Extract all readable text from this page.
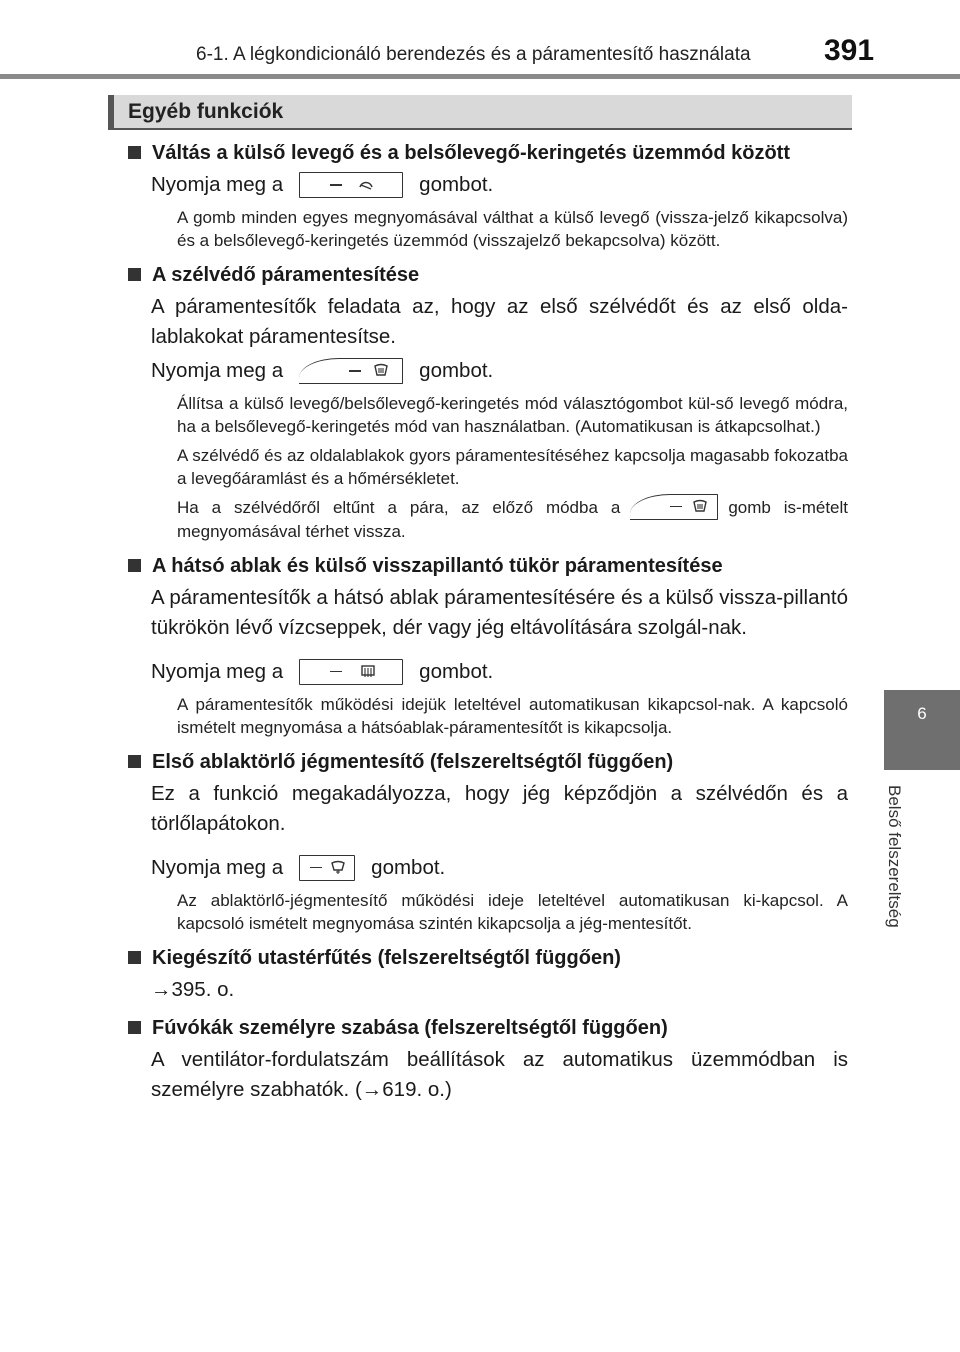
6-1. A légkondicionáló berendezés és a páramentesítő használata 391
Egyéb funkciók
6
Belső felszereltség

Váltás a külső levegő és a belsőlevegő-keringetés üzemmód között

Nyomja meg a	gombot.

A gomb minden egyes megnyomásával válthat a külső levegő (vissza-jelző kikapcsolva) és a belsőlevegő-keringetés üzemmód (visszajelző bekapcsolva) között.

A szélvédő páramentesítése

A páramentesítők feladata az, hogy az első szélvédőt és az első olda-lablakokat páramentesítse.

Nyomja meg a	gombot.

Állítsa a külső levegő/belsőlevegő-keringetés mód választógombot kül-ső levegő módra, ha a belsőlevegő-keringetés mód van használatban. (Automatikusan is átkapcsolhat.)

A szélvédő és az oldalablakok gyors páramentesítéséhez kapcsolja magasabb fokozatba a levegőáramlást és a hőmérsékletet.

Ha a szélvédőről eltűnt a pára, az előző módba a	gomb is-mételt megnyomásával térhet vissza.

A hátsó ablak és külső visszapillantó tükör páramentesítése

A páramentesítők a hátsó ablak páramentesítésére és a külső vissza-pillantó tükrökön lévő vízcseppek, dér vagy jég eltávolítására szolgál-nak.

Nyomja meg a	gombot.

A páramentesítők működési idejük leteltével automatikusan kikapcsol-nak. A kapcsoló ismételt megnyomása a hátsóablak-páramentesítőt is kikapcsolja.

Első ablaktörlő jégmentesítő (felszereltségtől függően)

Ez a funkció megakadályozza, hogy jég képződjön a szélvédőn és a törlőlapátokon.

Nyomja meg a	gombot.

Az ablaktörlő-jégmentesítő működési ideje leteltével automatikusan ki-kapcsol. A kapcsoló ismételt megnyomása szintén kikapcsolja a jég-mentesítőt.

Kiegészítő utastérfűtés (felszereltségtől függően)

→395. o.

Fúvókák személyre szabása (felszereltségtől függően)

A ventilátor-fordulatszám beállítások az automatikus üzemmódban is személyre szabhatók. (→619. o.)
